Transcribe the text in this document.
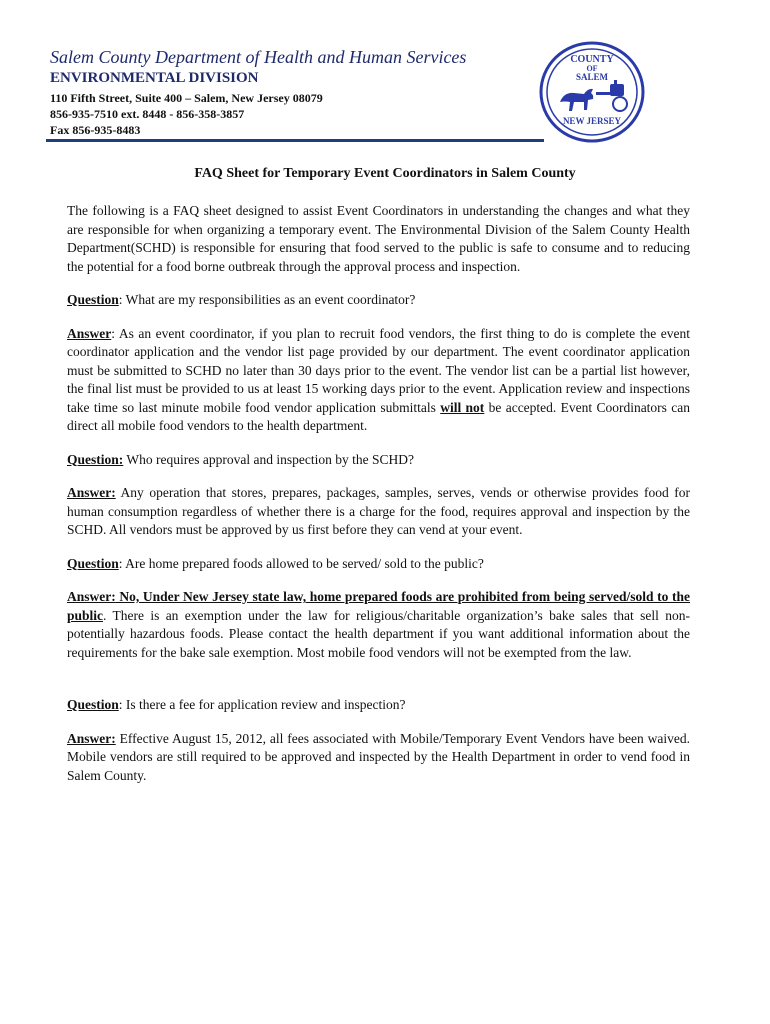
Salem County Department of Health and Human Services
ENVIRONMENTAL DIVISION
110 Fifth Street, Suite 400 – Salem, New Jersey 08079
856-935-7510 ext. 8448 - 856-358-3857
Fax 856-935-8483
COUNTY
OF
SALEM
NEW JERSEY
FAQ Sheet for Temporary Event Coordinators in Salem County

The following is a FAQ sheet designed to assist Event Coordinators in understanding the changes and what they are responsible for when organizing a temporary event. The Environmental Division of the Salem County Health Department(SCHD) is responsible for ensuring that food served to the public is safe to consume and to reducing the potential for a food borne outbreak through the approval process and inspection.

Question: What are my responsibilities as an event coordinator?

Answer: As an event coordinator, if you plan to recruit food vendors, the first thing to do is complete the event coordinator application and the vendor list page provided by our department. The event coordinator application must be submitted to SCHD no later than 30 days prior to the event. The vendor list can be a partial list however, the final list must be provided to us at least 15 working days prior to the event. Application review and inspections take time so last minute mobile food vendor application submittals will not be accepted. Event Coordinators can direct all mobile food vendors to the health department.

Question: Who requires approval and inspection by the SCHD?

Answer: Any operation that stores, prepares, packages, samples, serves, vends or otherwise provides food for human consumption regardless of whether there is a charge for the food, requires approval and inspection by the SCHD. All vendors must be approved by us first before they can vend at your event.

Question: Are home prepared foods allowed to be served/ sold to the public?

Answer: No, Under New Jersey state law, home prepared foods are prohibited from being served/sold to the public. There is an exemption under the law for religious/charitable organization’s bake sales that sell non-potentially hazardous foods. Please contact the health department if you want additional information about the requirements for the bake sale exemption. Most mobile food vendors will not be exempted from the law.

Question: Is there a fee for application review and inspection?

Answer: Effective August 15, 2012, all fees associated with Mobile/Temporary Event Vendors have been waived. Mobile vendors are still required to be approved and inspected by the Health Department in order to vend food in Salem County.
